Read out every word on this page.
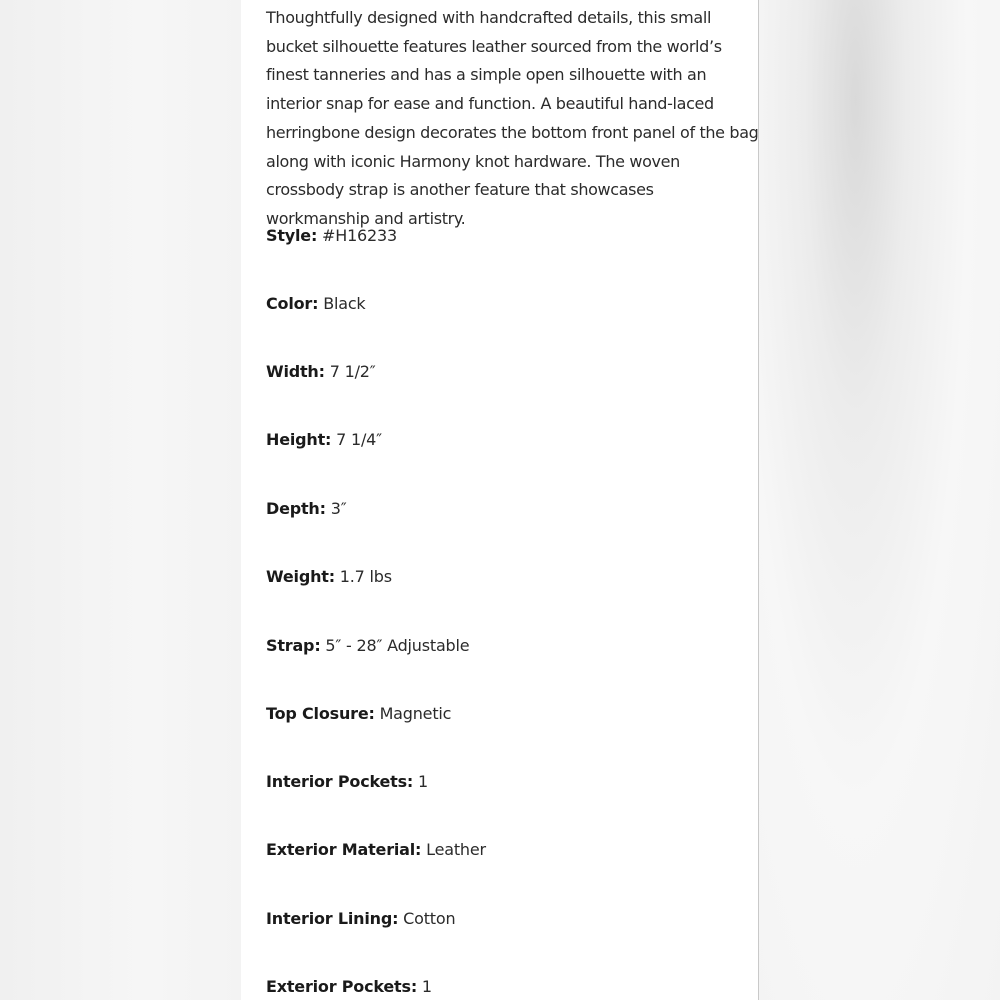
Thoughtfully designed with handcrafted details, this small bucket silhouette features leather sourced from the world’s finest tanneries and has a simple open silhouette with an interior snap for ease and function. A beautiful hand-laced herringbone design decorates the bottom front panel of the bag along with iconic Harmony knot hardware. The woven crossbody strap is another feature that showcases workmanship and artistry.

Style: #H16233
Color: Black
Width: 7 1/2″
Height: 7 1/4″
Depth: 3″
Weight: 1.7 lbs
Strap: 5″ - 28″ Adjustable
Top Closure: Magnetic
Interior Pockets: 1
Exterior Material: Leather
Interior Lining: Cotton
Exterior Pockets: 1
